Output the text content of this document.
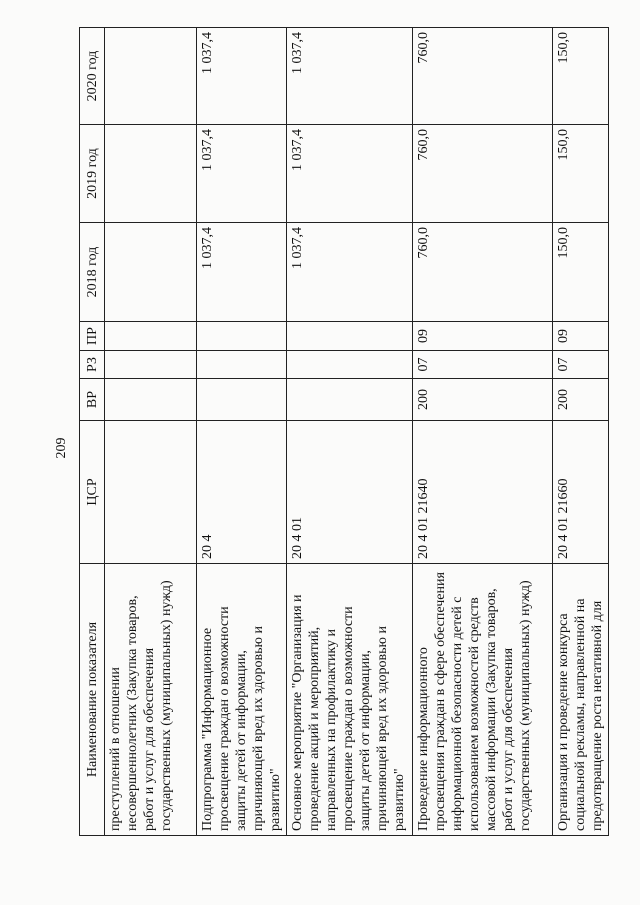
209
Наименование показателя	ЦСР	ВР	РЗ	ПР	2018 год	2019 год	2020 год
преступлений в отношении несовершеннолетних (Закупка товаров, работ и услуг для обеспечения государственных (муниципальных) нужд)							
Подпрограмма "Информационное просвещение граждан о возможности защиты детей от информации, причиняющей вред их здоровью и развитию"	20 4				1 037,4	1 037,4	1 037,4
Основное мероприятие "Организация и проведение акций и мероприятий, направленных на профилактику и просвещение граждан о возможности защиты детей от информации, причиняющей вред их здоровью и развитию"	20 4 01				1 037,4	1 037,4	1 037,4
Проведение информационного просвещения граждан в сфере обеспечения информационной безопасности детей с использованием возможностей средств массовой информации (Закупка товаров, работ и услуг для обеспечения государственных (муниципальных) нужд)	20 4 01 21640	200	07	09	760,0	760,0	760,0
Организация и проведение конкурса социальной рекламы, направленной на предотвращение роста негативной для	20 4 01 21660	200	07	09	150,0	150,0	150,0
